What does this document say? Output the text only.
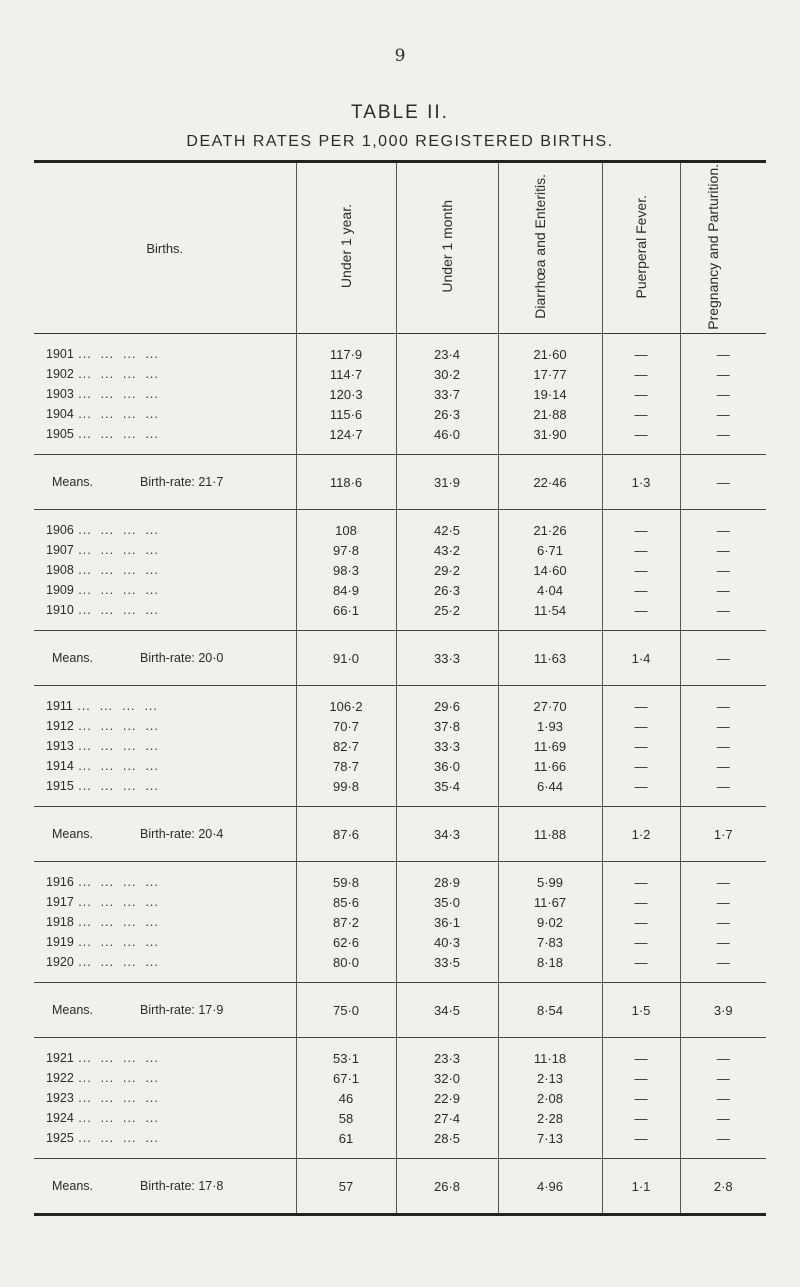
9
TABLE II.
DEATH RATES PER 1,000 REGISTERED BIRTHS.
Births.	Under 1 year.	Under 1 month	Diarrhœa and Enteritis.	Puerperal Fever.	Pregnancy and Parturition.

1901 ...  ...  ...  ...	117·9	23·4	21·60	—	—
1902 ...  ...  ...  ...	114·7	30·2	17·77	—	—
1903 ...  ...  ...  ...	120·3	33·7	19·14	—	—
1904 ...  ...  ...  ...	115·6	26·3	21·88	—	—
1905 ...  ...  ...  ...	124·7	46·0	31·90	—	—

Means. Birth-rate: 21·7	118·6	31·9	22·46	1·3	—

1906 ...  ...  ...  ...	108	42·5	21·26	—	—
1907 ...  ...  ...  ...	97·8	43·2	6·71	—	—
1908 ...  ...  ...  ...	98·3	29·2	14·60	—	—
1909 ...  ...  ...  ...	84·9	26·3	4·04	—	—
1910 ...  ...  ...  ...	66·1	25·2	11·54	—	—

Means. Birth-rate: 20·0	91·0	33·3	11·63	1·4	—

1911 ...  ...  ...  ...	106·2	29·6	27·70	—	—
1912 ...  ...  ...  ...	70·7	37·8	1·93	—	—
1913 ...  ...  ...  ...	82·7	33·3	11·69	—	—
1914 ...  ...  ...  ...	78·7	36·0	11·66	—	—
1915 ...  ...  ...  ...	99·8	35·4	6·44	—	—

Means. Birth-rate: 20·4	87·6	34·3	11·88	1·2	1·7

1916 ...  ...  ...  ...	59·8	28·9	5·99	—	—
1917 ...  ...  ...  ...	85·6	35·0	11·67	—	—
1918 ...  ...  ...  ...	87·2	36·1	9·02	—	—
1919 ...  ...  ...  ...	62·6	40·3	7·83	—	—
1920 ...  ...  ...  ...	80·0	33·5	8·18	—	—

Means. Birth-rate: 17·9	75·0	34·5	8·54	1·5	3·9

1921 ...  ...  ...  ...	53·1	23·3	11·18	—	—
1922 ...  ...  ...  ...	67·1	32·0	2·13	—	—
1923 ...  ...  ...  ...	46	22·9	2·08	—	—
1924 ...  ...  ...  ...	58	27·4	2·28	—	—
1925 ...  ...  ...  ...	61	28·5	7·13	—	—

Means. Birth-rate: 17·8	57	26·8	4·96	1·1	2·8
